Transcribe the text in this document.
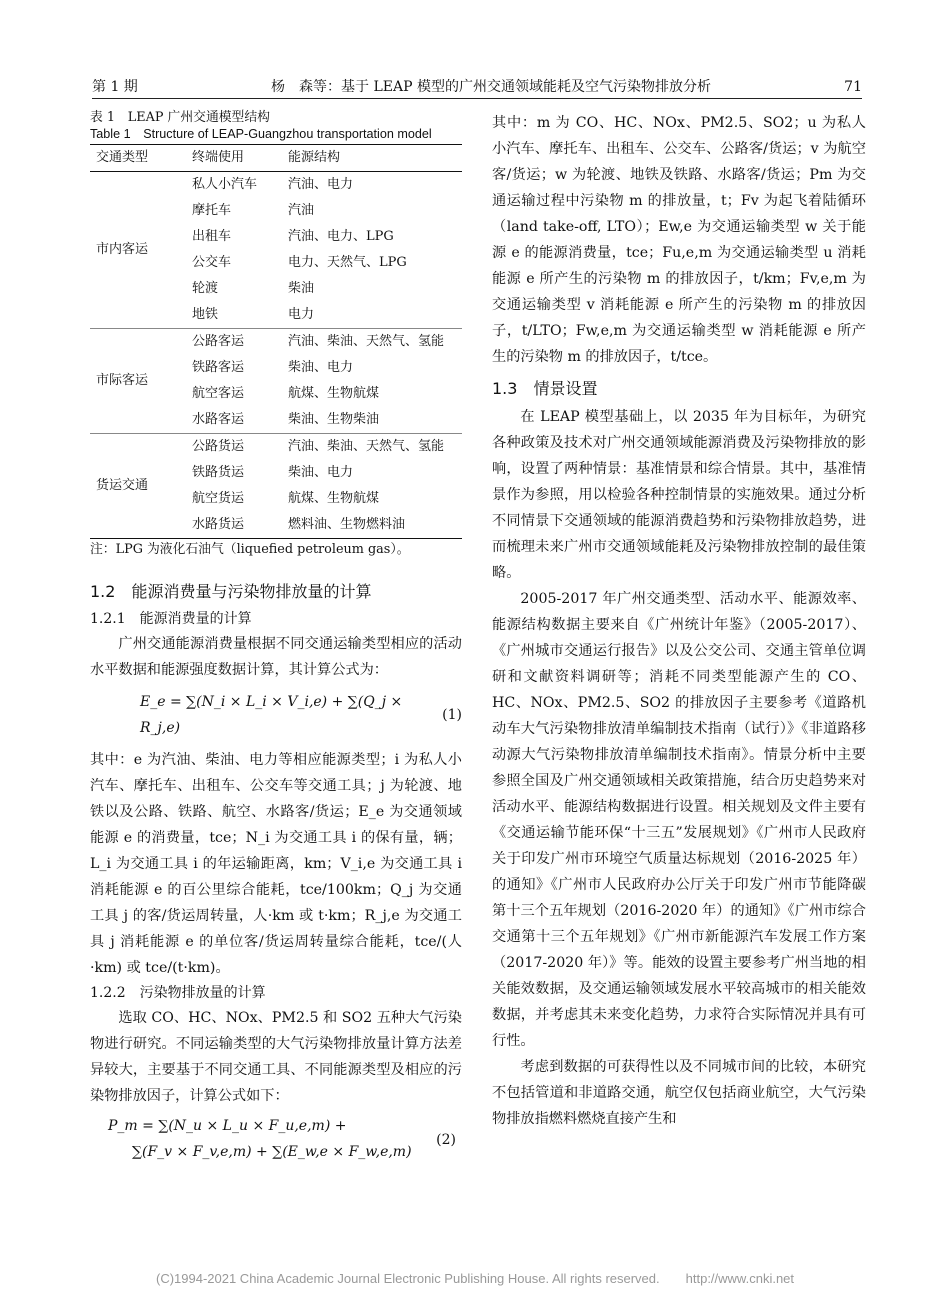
第 1 期	杨　森等：基于 LEAP 模型的广州交通领域能耗及空气污染物排放分析	71
表 1　LEAP 广州交通模型结构
Table 1　Structure of LEAP-Guangzhou transportation model
交通类型	终端使用	能源结构
市内客运	私人小汽车	汽油、电力
	摩托车	汽油
	出租车	汽油、电力、LPG
	公交车	电力、天然气、LPG
	轮渡	柴油
	地铁	电力
市际客运	公路客运	汽油、柴油、天然气、氢能
	铁路客运	柴油、电力
	航空客运	航煤、生物航煤
	水路客运	柴油、生物柴油
货运交通	公路货运	汽油、柴油、天然气、氢能
	铁路货运	柴油、电力
	航空货运	航煤、生物航煤
	水路货运	燃料油、生物燃料油
注：LPG 为液化石油气（liquefied petroleum gas）。
1.2　能源消费量与污染物排放量的计算
1.2.1　能源消费量的计算

广州交通能源消费量根据不同交通运输类型相应的活动水平数据和能源强度数据计算，其计算公式为：

E_e = ∑(N_i × L_i × V_i,e) + ∑(Q_j × R_j,e)
(1)

其中：e 为汽油、柴油、电力等相应能源类型；i 为私人小汽车、摩托车、出租车、公交车等交通工具；j 为轮渡、地铁以及公路、铁路、航空、水路客/货运；E_e 为交通领域能源 e 的消费量，tce；N_i 为交通工具 i 的保有量，辆；L_i 为交通工具 i 的年运输距离，km；V_i,e 为交通工具 i 消耗能源 e 的百公里综合能耗，tce/100km；Q_j 为交通工具 j 的客/货运周转量，人·km 或 t·km；R_j,e 为交通工具 j 消耗能源 e 的单位客/货运周转量综合能耗，tce/(人·km) 或 tce/(t·km)。

1.2.2　污染物排放量的计算

选取 CO、HC、NOx、PM2.5 和 SO2 五种大气污染物进行研究。不同运输类型的大气污染物排放量计算方法差异较大，主要基于不同交通工具、不同能源类型及相应的污染物排放因子，计算公式如下：

P_m = ∑(N_u × L_u × F_u,e,m) +
∑(F_v × F_v,e,m) + ∑(E_w,e × F_w,e,m)
(2)

其中：m 为 CO、HC、NOx、PM2.5、SO2；u 为私人小汽车、摩托车、出租车、公交车、公路客/货运；v 为航空客/货运；w 为轮渡、地铁及铁路、水路客/货运；Pm 为交通运输过程中污染物 m 的排放量，t；Fv 为起飞着陆循环（land take-off, LTO）；Ew,e 为交通运输类型 w 关于能源 e 的能源消费量，tce；Fu,e,m 为交通运输类型 u 消耗能源 e 所产生的污染物 m 的排放因子，t/km；Fv,e,m 为交通运输类型 v 消耗能源 e 所产生的污染物 m 的排放因子，t/LTO；Fw,e,m 为交通运输类型 w 消耗能源 e 所产生的污染物 m 的排放因子，t/tce。

1.3　情景设置

在 LEAP 模型基础上，以 2035 年为目标年，为研究各种政策及技术对广州交通领域能源消费及污染物排放的影响，设置了两种情景：基准情景和综合情景。其中，基准情景作为参照，用以检验各种控制情景的实施效果。通过分析不同情景下交通领域的能源消费趋势和污染物排放趋势，进而梳理未来广州市交通领域能耗及污染物排放控制的最佳策略。

2005-2017 年广州交通类型、活动水平、能源效率、能源结构数据主要来自《广州统计年鉴》（2005-2017）、《广州城市交通运行报告》以及公交公司、交通主管单位调研和文献资料调研等；消耗不同类型能源产生的 CO、HC、NOx、PM2.5、SO2 的排放因子主要参考《道路机动车大气污染物排放清单编制技术指南（试行）》《非道路移动源大气污染物排放清单编制技术指南》。情景分析中主要参照全国及广州交通领域相关政策措施，结合历史趋势来对活动水平、能源结构数据进行设置。相关规划及文件主要有《交通运输节能环保“十三五”发展规划》《广州市人民政府关于印发广州市环境空气质量达标规划（2016-2025 年）的通知》《广州市人民政府办公厅关于印发广州市节能降碳第十三个五年规划（2016-2020 年）的通知》《广州市综合交通第十三个五年规划》《广州市新能源汽车发展工作方案（2017-2020 年）》等。能效的设置主要参考广州当地的相关能效数据，及交通运输领域发展水平较高城市的相关能效数据，并考虑其未来变化趋势，力求符合实际情况并具有可行性。

考虑到数据的可获得性以及不同城市间的比较，本研究不包括管道和非道路交通，航空仅包括商业航空，大气污染物排放指燃料燃烧直接产生和

(C)1994-2021 China Academic Journal Electronic Publishing House. All rights reserved.　　http://www.cnki.net
